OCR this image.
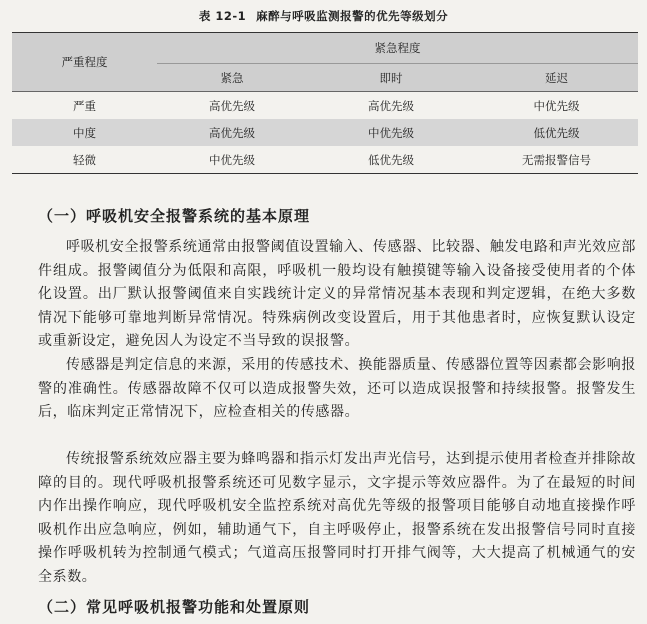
表 12-1 麻醉与呼吸监测报警的优先等级划分
严重程度	紧急程度		
	紧急	即时	延迟
严重	高优先级	高优先级	中优先级
中度	高优先级	中优先级	低优先级
轻微	中优先级	低优先级	无需报警信号
（一）呼吸机安全报警系统的基本原理

呼吸机安全报警系统通常由报警阈值设置输入、传感器、比较器、触发电路和声光效应部件组成。报警阈值分为低限和高限，呼吸机一般均设有触摸键等输入设备接受使用者的个体化设置。出厂默认报警阈值来自实践统计定义的异常情况基本表现和判定逻辑，在绝大多数情况下能够可靠地判断异常情况。特殊病例改变设置后，用于其他患者时，应恢复默认设定或重新设定，避免因人为设定不当导致的误报警。

传感器是判定信息的来源，采用的传感技术、换能器质量、传感器位置等因素都会影响报警的准确性。传感器故障不仅可以造成报警失效，还可以造成误报警和持续报警。报警发生后，临床判定正常情况下，应检查相关的传感器。

传统报警系统效应器主要为蜂鸣器和指示灯发出声光信号，达到提示使用者检查并排除故障的目的。现代呼吸机报警系统还可见数字显示，文字提示等效应器件。为了在最短的时间内作出操作响应，现代呼吸机安全监控系统对高优先等级的报警项目能够自动地直接操作呼吸机作出应急响应，例如，辅助通气下，自主呼吸停止，报警系统在发出报警信号同时直接操作呼吸机转为控制通气模式；气道高压报警同时打开排气阀等，大大提高了机械通气的安全系数。

（二）常见呼吸机报警功能和处置原则
